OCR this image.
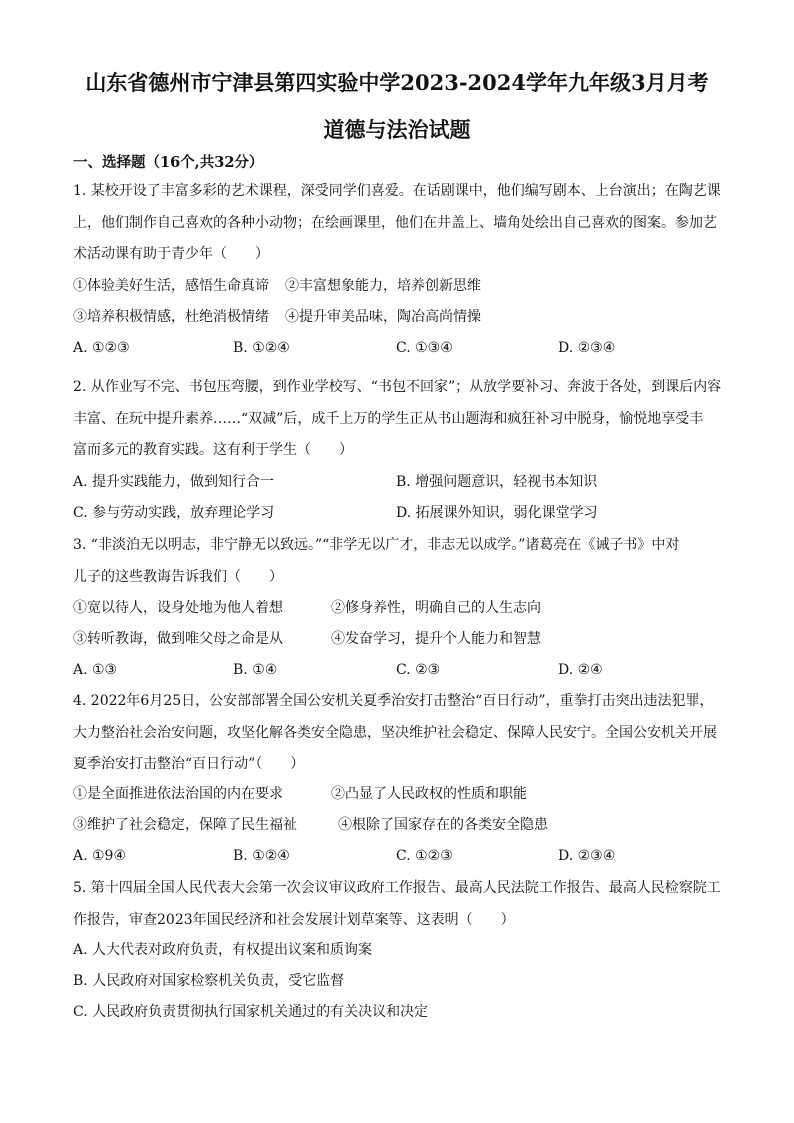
山东省德州市宁津县第四实验中学2023-2024学年九年级3月月考
道德与法治试题
一、选择题（16个,共32分）
1. 某校开设了丰富多彩的艺术课程，深受同学们喜爱。在话剧课中，他们编写剧本、上台演出；在陶艺课
上，他们制作自己喜欢的各种小动物；在绘画课里，他们在井盖上、墙角处绘出自己喜欢的图案。参加艺
术活动课有助于青少年（　　）
①体验美好生活，感悟生命真谛 ②丰富想象能力，培养创新思维
③培养积极情感，杜绝消极情绪 ④提升审美品味，陶冶高尚情操
A. ①②③	B. ①②④	C. ①③④	D. ②③④
2. 从作业写不完、书包压弯腰，到作业学校写、“书包不回家”；从放学要补习、奔波于各处，到课后内容
丰富、在玩中提升素养……“双减”后，成千上万的学生正从书山题海和疯狂补习中脱身，愉悦地享受丰
富而多元的教育实践。这有利于学生（　　）
A. 提升实践能力，做到知行合一	B. 增强问题意识，轻视书本知识
C. 参与劳动实践，放弃理论学习	D. 拓展课外知识，弱化课堂学习
3. “非淡泊无以明志，非宁静无以致远。”“非学无以广才，非志无以成学。”诸葛亮在《诫子书》中对
儿子的这些教诲告诉我们（　　）
①宽以待人，设身处地为他人着想	②修身养性，明确自己的人生志向
③转听教诲，做到唯父母之命是从	④发奋学习，提升个人能力和智慧
A. ①③	B. ①④	C. ②③	D. ②④
4. 2022年6月25日，公安部部署全国公安机关夏季治安打击整治“百日行动”，重拳打击突出违法犯罪，
大力整治社会治安问题，攻坚化解各类安全隐患，坚决维护社会稳定、保障人民安宁。全国公安机关开展
夏季治安打击整治“百日行动”（　　）
①是全面推进依法治国的内在要求	②凸显了人民政权的性质和职能
③维护了社会稳定，保障了民生福祉	④根除了国家存在的各类安全隐患
A. ①9④	B. ①②④	C. ①②③	D. ②③④
5. 第十四届全国人民代表大会第一次会议审议政府工作报告、最高人民法院工作报告、最高人民检察院工
作报告，审查2023年国民经济和社会发展计划草案等、这表明（　　）
A. 人大代表对政府负责，有权提出议案和质询案
B. 人民政府对国家检察机关负责，受它监督
C. 人民政府负责贯彻执行国家机关通过的有关决议和决定
